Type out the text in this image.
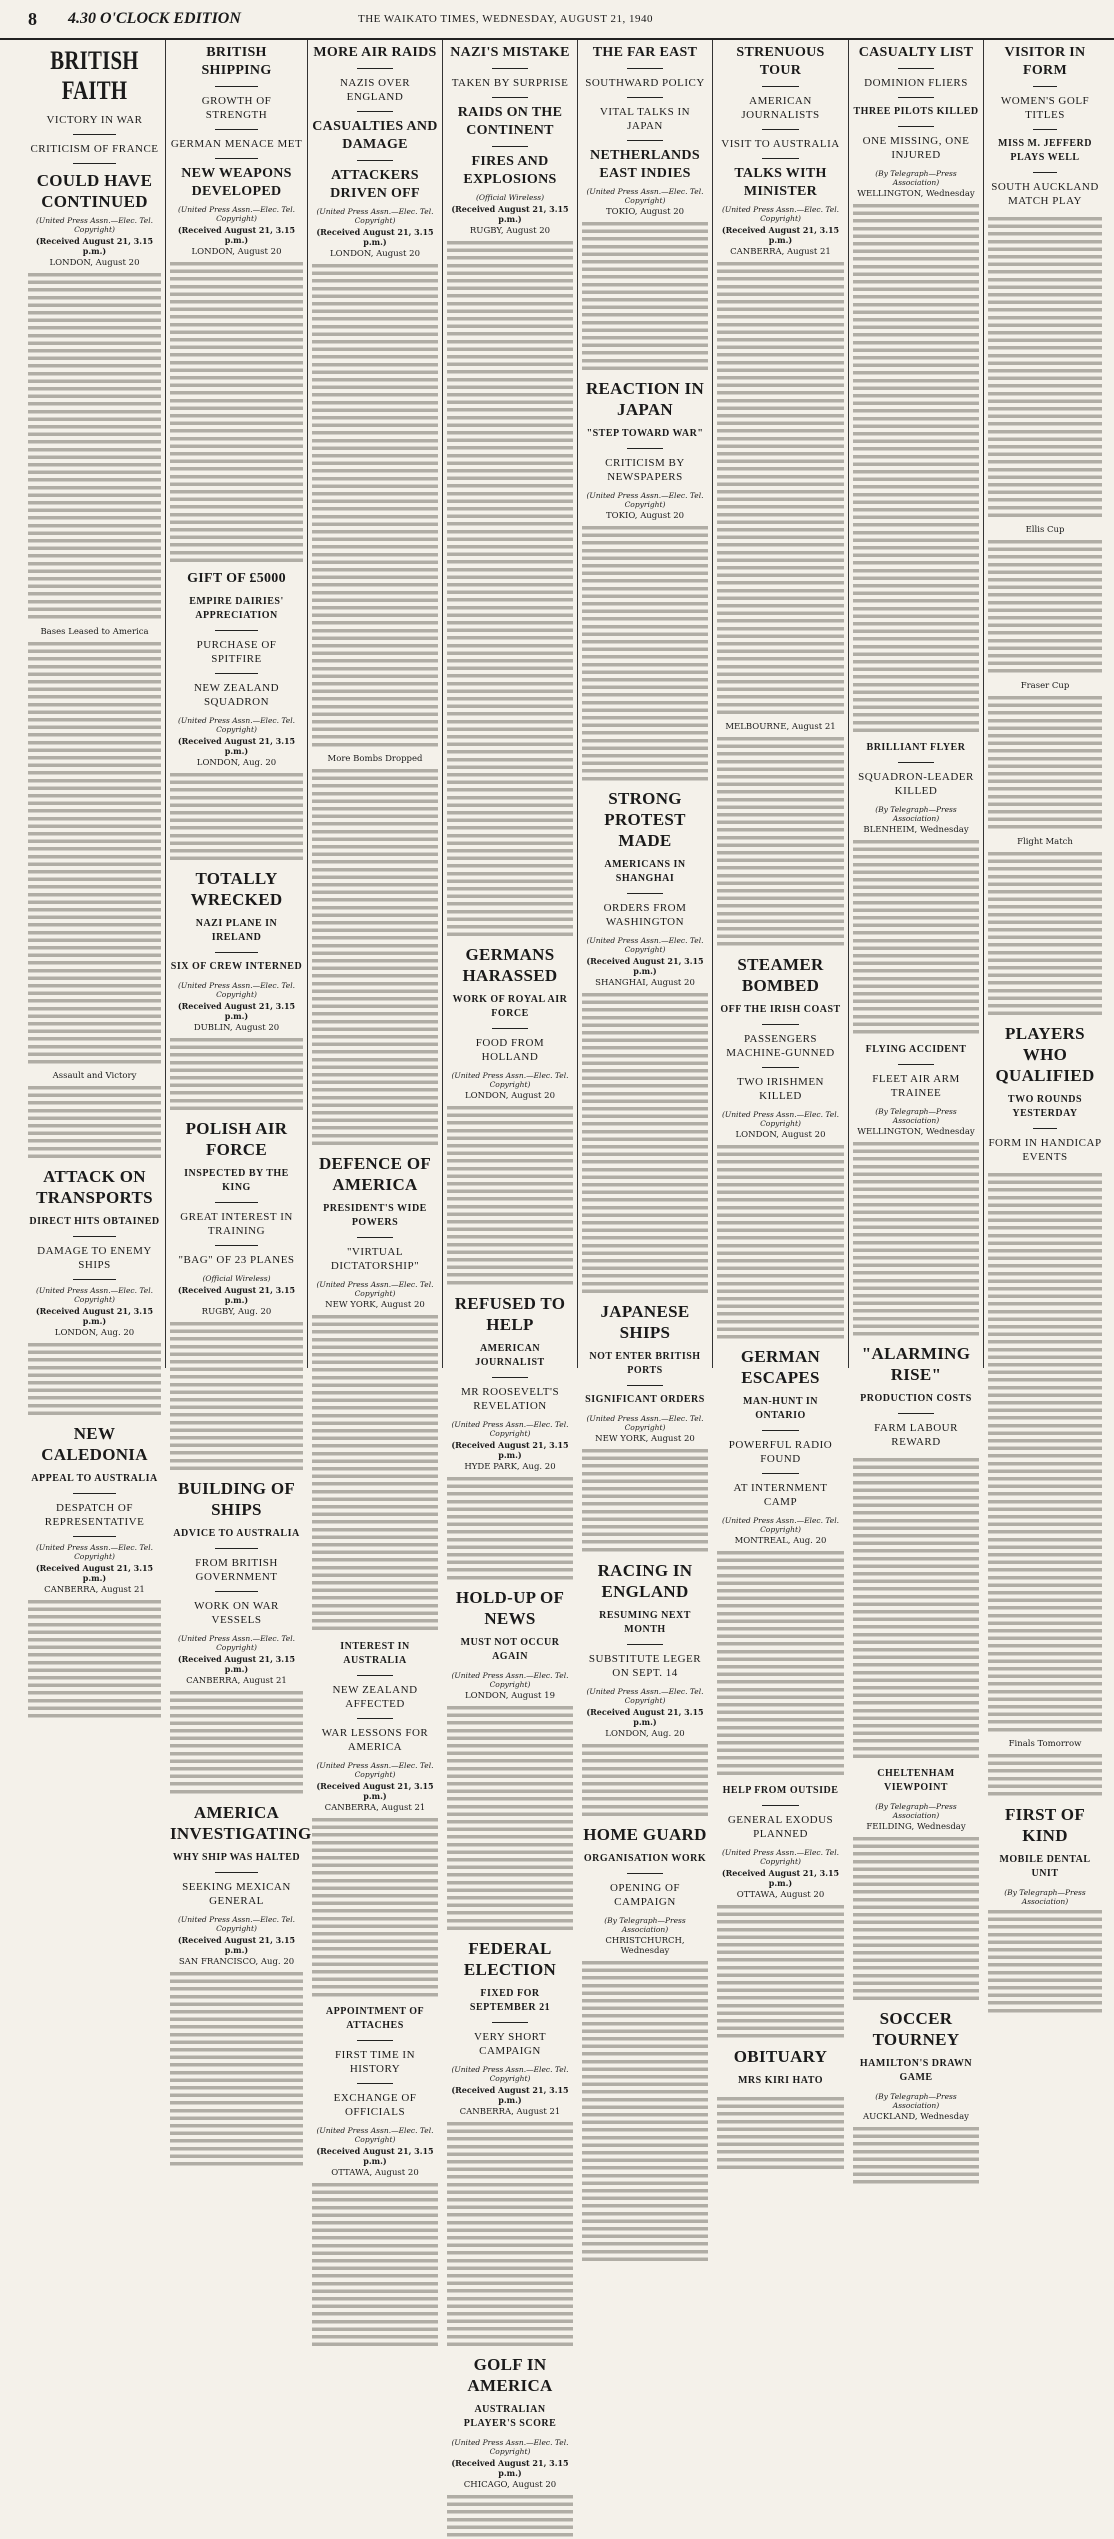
8	4.30 O'CLOCK EDITION	THE WAIKATO TIMES, WEDNESDAY, AUGUST 21, 1940
BRITISH FAITH
VICTORY IN WAR
CRITICISM OF FRANCE
COULD HAVE CONTINUED
(United Press Assn.—Elec. Tel. Copyright)
(Received August 21, 3.15 p.m.)
LONDON, August 20
Bases Leased to America
Assault and Victory
ATTACK ON TRANSPORTS
DIRECT HITS OBTAINED
DAMAGE TO ENEMY SHIPS
(United Press Assn.—Elec. Tel. Copyright)
(Received August 21, 3.15 p.m.)
LONDON, Aug. 20
NEW CALEDONIA
APPEAL TO AUSTRALIA
DESPATCH OF REPRESENTATIVE
(United Press Assn.—Elec. Tel. Copyright)
(Received August 21, 3.15 p.m.)
CANBERRA, August 21
BRITISH SHIPPING
GROWTH OF STRENGTH
GERMAN MENACE MET
NEW WEAPONS DEVELOPED
(United Press Assn.—Elec. Tel. Copyright)
(Received August 21, 3.15 p.m.)
LONDON, August 20
GIFT OF £5000
EMPIRE DAIRIES' APPRECIATION
PURCHASE OF SPITFIRE
NEW ZEALAND SQUADRON
(United Press Assn.—Elec. Tel. Copyright)
(Received August 21, 3.15 p.m.)
LONDON, Aug. 20
TOTALLY WRECKED
NAZI PLANE IN IRELAND
SIX OF CREW INTERNED
(United Press Assn.—Elec. Tel. Copyright)
(Received August 21, 3.15 p.m.)
DUBLIN, August 20
POLISH AIR FORCE
INSPECTED BY THE KING
GREAT INTEREST IN TRAINING
"BAG" OF 23 PLANES
(Official Wireless)
(Received August 21, 3.15 p.m.)
RUGBY, Aug. 20
BUILDING OF SHIPS
ADVICE TO AUSTRALIA
FROM BRITISH GOVERNMENT
WORK ON WAR VESSELS
(United Press Assn.—Elec. Tel. Copyright)
(Received August 21, 3.15 p.m.)
CANBERRA, August 21
AMERICA INVESTIGATING
WHY SHIP WAS HALTED
SEEKING MEXICAN GENERAL
(United Press Assn.—Elec. Tel. Copyright)
(Received August 21, 3.15 p.m.)
SAN FRANCISCO, Aug. 20
MORE AIR RAIDS
NAZIS OVER ENGLAND
CASUALTIES AND DAMAGE
ATTACKERS DRIVEN OFF
(United Press Assn.—Elec. Tel. Copyright)
(Received August 21, 3.15 p.m.)
LONDON, August 20
More Bombs Dropped
DEFENCE OF AMERICA
PRESIDENT'S WIDE POWERS
"VIRTUAL DICTATORSHIP"
(United Press Assn.—Elec. Tel. Copyright)
NEW YORK, August 20
INTEREST IN AUSTRALIA
NEW ZEALAND AFFECTED
WAR LESSONS FOR AMERICA
(United Press Assn.—Elec. Tel. Copyright)
(Received August 21, 3.15 p.m.)
CANBERRA, August 21
APPOINTMENT OF ATTACHES
FIRST TIME IN HISTORY
EXCHANGE OF OFFICIALS
(United Press Assn.—Elec. Tel. Copyright)
(Received August 21, 3.15 p.m.)
OTTAWA, August 20
NAZI'S MISTAKE
TAKEN BY SURPRISE
RAIDS ON THE CONTINENT
FIRES AND EXPLOSIONS
(Official Wireless)
(Received August 21, 3.15 p.m.)
RUGBY, August 20
GERMANS HARASSED
WORK OF ROYAL AIR FORCE
FOOD FROM HOLLAND
(United Press Assn.—Elec. Tel. Copyright)
LONDON, August 20
REFUSED TO HELP
AMERICAN JOURNALIST
MR ROOSEVELT'S REVELATION
(United Press Assn.—Elec. Tel. Copyright)
(Received August 21, 3.15 p.m.)
HYDE PARK, Aug. 20
HOLD-UP OF NEWS
MUST NOT OCCUR AGAIN
(United Press Assn.—Elec. Tel. Copyright)
LONDON, August 19
FEDERAL ELECTION
FIXED FOR SEPTEMBER 21
VERY SHORT CAMPAIGN
(United Press Assn.—Elec. Tel. Copyright)
(Received August 21, 3.15 p.m.)
CANBERRA, August 21
GOLF IN AMERICA
AUSTRALIAN PLAYER'S SCORE
(United Press Assn.—Elec. Tel. Copyright)
(Received August 21, 3.15 p.m.)
CHICAGO, August 20
THE FAR EAST
SOUTHWARD POLICY
VITAL TALKS IN JAPAN
NETHERLANDS EAST INDIES
(United Press Assn.—Elec. Tel. Copyright)
TOKIO, August 20
REACTION IN JAPAN
"STEP TOWARD WAR"
CRITICISM BY NEWSPAPERS
(United Press Assn.—Elec. Tel. Copyright)
TOKIO, August 20
STRONG PROTEST MADE
AMERICANS IN SHANGHAI
ORDERS FROM WASHINGTON
(United Press Assn.—Elec. Tel. Copyright)
(Received August 21, 3.15 p.m.)
SHANGHAI, August 20
JAPANESE SHIPS
NOT ENTER BRITISH PORTS
SIGNIFICANT ORDERS
(United Press Assn.—Elec. Tel. Copyright)
NEW YORK, August 20
RACING IN ENGLAND
RESUMING NEXT MONTH
SUBSTITUTE LEGER ON SEPT. 14
(United Press Assn.—Elec. Tel. Copyright)
(Received August 21, 3.15 p.m.)
LONDON, Aug. 20
HOME GUARD
ORGANISATION WORK
OPENING OF CAMPAIGN
(By Telegraph—Press Association)
CHRISTCHURCH, Wednesday
STRENUOUS TOUR
AMERICAN JOURNALISTS
VISIT TO AUSTRALIA
TALKS WITH MINISTER
(United Press Assn.—Elec. Tel. Copyright)
(Received August 21, 3.15 p.m.)
CANBERRA, August 21
MELBOURNE, August 21
STEAMER BOMBED
OFF THE IRISH COAST
PASSENGERS MACHINE-GUNNED
TWO IRISHMEN KILLED
(United Press Assn.—Elec. Tel. Copyright)
LONDON, August 20
GERMAN ESCAPES
MAN-HUNT IN ONTARIO
POWERFUL RADIO FOUND
AT INTERNMENT CAMP
(United Press Assn.—Elec. Tel. Copyright)
MONTREAL, Aug. 20
HELP FROM OUTSIDE
GENERAL EXODUS PLANNED
(United Press Assn.—Elec. Tel. Copyright)
(Received August 21, 3.15 p.m.)
OTTAWA, August 20
OBITUARY
MRS KIRI HATO
CASUALTY LIST
DOMINION FLIERS
THREE PILOTS KILLED
ONE MISSING, ONE INJURED
(By Telegraph—Press Association)
WELLINGTON, Wednesday
BRILLIANT FLYER
SQUADRON-LEADER KILLED
(By Telegraph—Press Association)
BLENHEIM, Wednesday
FLYING ACCIDENT
FLEET AIR ARM TRAINEE
(By Telegraph—Press Association)
WELLINGTON, Wednesday
"ALARMING RISE"
PRODUCTION COSTS
FARM LABOUR REWARD
CHELTENHAM VIEWPOINT
(By Telegraph—Press Association)
FEILDING, Wednesday
SOCCER TOURNEY
HAMILTON'S DRAWN GAME
(By Telegraph—Press Association)
AUCKLAND, Wednesday
VISITOR IN FORM
WOMEN'S GOLF TITLES
MISS M. JEFFERD PLAYS WELL
SOUTH AUCKLAND MATCH PLAY
Ellis Cup
Fraser Cup
Flight Match
PLAYERS WHO QUALIFIED
TWO ROUNDS YESTERDAY
FORM IN HANDICAP EVENTS
Finals Tomorrow
FIRST OF KIND
MOBILE DENTAL UNIT
(By Telegraph—Press Association)
